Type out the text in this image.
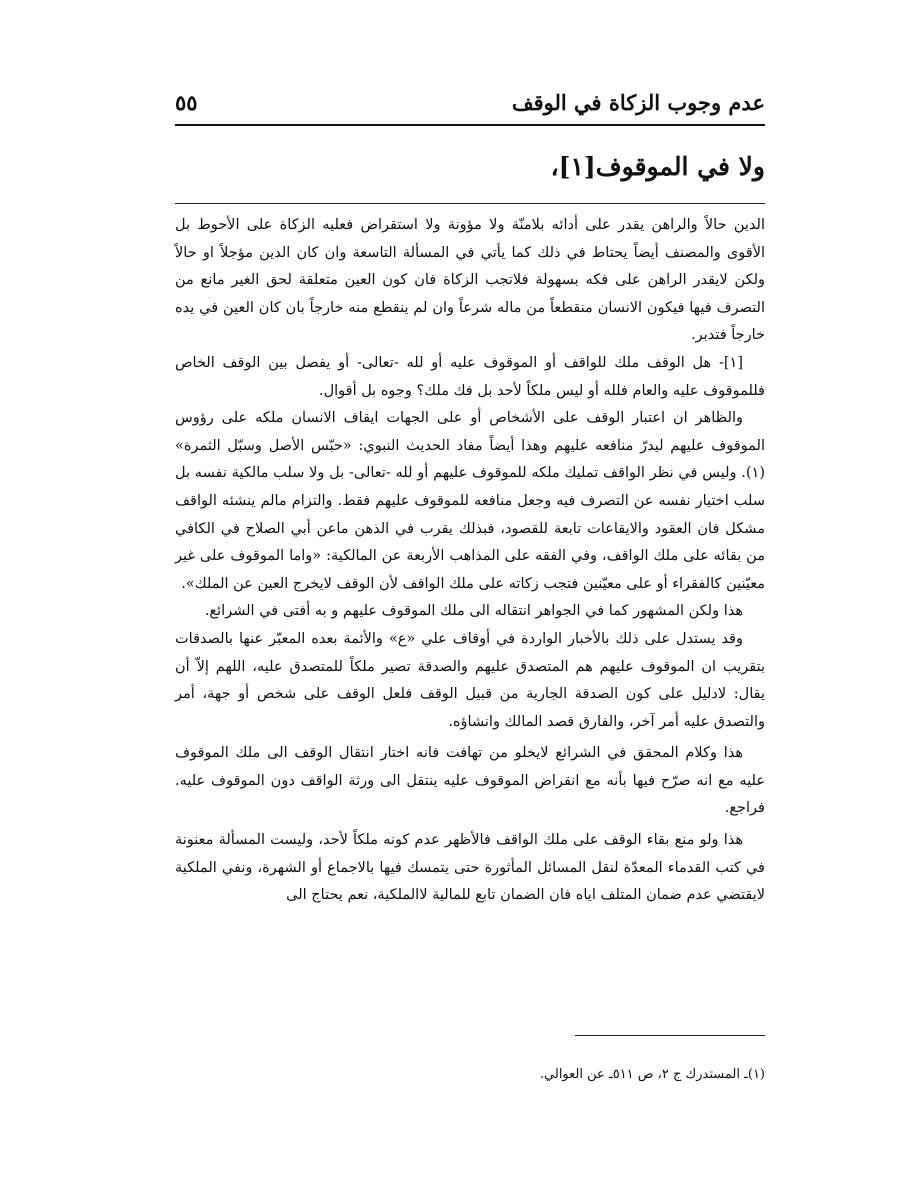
عدم وجوب الزكاة في الوقف
٥٥
ولا في الموقوف[١]،

الدين حالاً والراهن يقدر على أدائه بلامنّة ولا مؤونة ولا استقراض فعليه الزكاة على الأحوط بل الأقوى والمصنف أيضاً يحتاط في ذلك كما يأتي في المسألة التاسعة وان كان الدين مؤجلاً او حالاً ولكن لايقدر الراهن على فكه بسهولة فلاتجب الزكاة فان كون العين متعلقة لحق الغير مانع من التصرف فيها فيكون الانسان منقطعاً من ماله شرعاً وان لم ينقطع منه خارجاً بان كان العين في يده خارجاً فتدبر.

[١]- هل الوقف ملك للواقف أو الموقوف عليه أو لله -تعالى- أو يفصل بين الوقف الخاص فللموقوف عليه والعام فلله أو ليس ملكاً لأحد بل فك ملك؟ وجوه بل أقوال.

والظاهر ان اعتبار الوقف على الأشخاص أو على الجهات ايقاف الانسان ملكه على رؤوس الموقوف عليهم ليدرّ منافعه عليهم وهذا أيضاً مفاد الحديث النبوي: «حبّس الأصل وسبّل الثمرة» (١). وليس في نظر الواقف تمليك ملكه للموقوف عليهم أو لله -تعالى- بل ولا سلب مالكية نفسه بل سلب اختيار نفسه عن التصرف فيه وجعل منافعه للموقوف عليهم فقط. والتزام مالم ينشئه الواقف مشكل فان العقود والايقاعات تابعة للقصود، فبذلك يقرب في الذهن ماعن أبي الصلاح في الكافي من بقائه على ملك الواقف، وفي الفقه على المذاهب الأربعة عن المالكية: «واما الموقوف على غير معيّنين كالفقراء أو على معيّنين فتجب زكاته على ملك الواقف لأن الوقف لايخرج العين عن الملك».

هذا ولكن المشهور كما في الجواهر انتقاله الى ملك الموقوف عليهم و به أفتى في الشرائع.

وقد يستدل على ذلك بالأخبار الواردة في أوقاف علي «ع» والأئمة بعده المعبّر عنها بالصدقات بتقريب ان الموقوف عليهم هم المتصدق عليهم والصدقة تصير ملكاً للمتصدق عليه، اللهم إلاّ أن يقال: لادليل على كون الصدقة الجارية من قبيل الوقف فلعل الوقف على شخص أو جهة، أمر والتصدق عليه أمر آخر، والفارق قصد المالك وانشاؤه.

هذا وكلام المحقق في الشرائع لايخلو من تهافت فانه اختار انتقال الوقف الى ملك الموقوف عليه مع انه صرّح فيها بأنه مع انقراض الموقوف عليه ينتقل الى ورثة الواقف دون الموقوف عليه. فراجع.

هذا ولو منع بقاء الوقف على ملك الواقف فالأظهر عدم كونه ملكاً لأحد، وليست المسألة معنونة في كتب القدماء المعدّة لنقل المسائل المأثورة حتى يتمسك فيها بالاجماع أو الشهرة، ونفي الملكية لايقتضي عدم ضمان المتلف اياه فان الضمان تابع للمالية لاالملكية، نعم يحتاج الى

(١)ـ المستدرك ج ٢، ص ٥١١ـ عن العوالي.
